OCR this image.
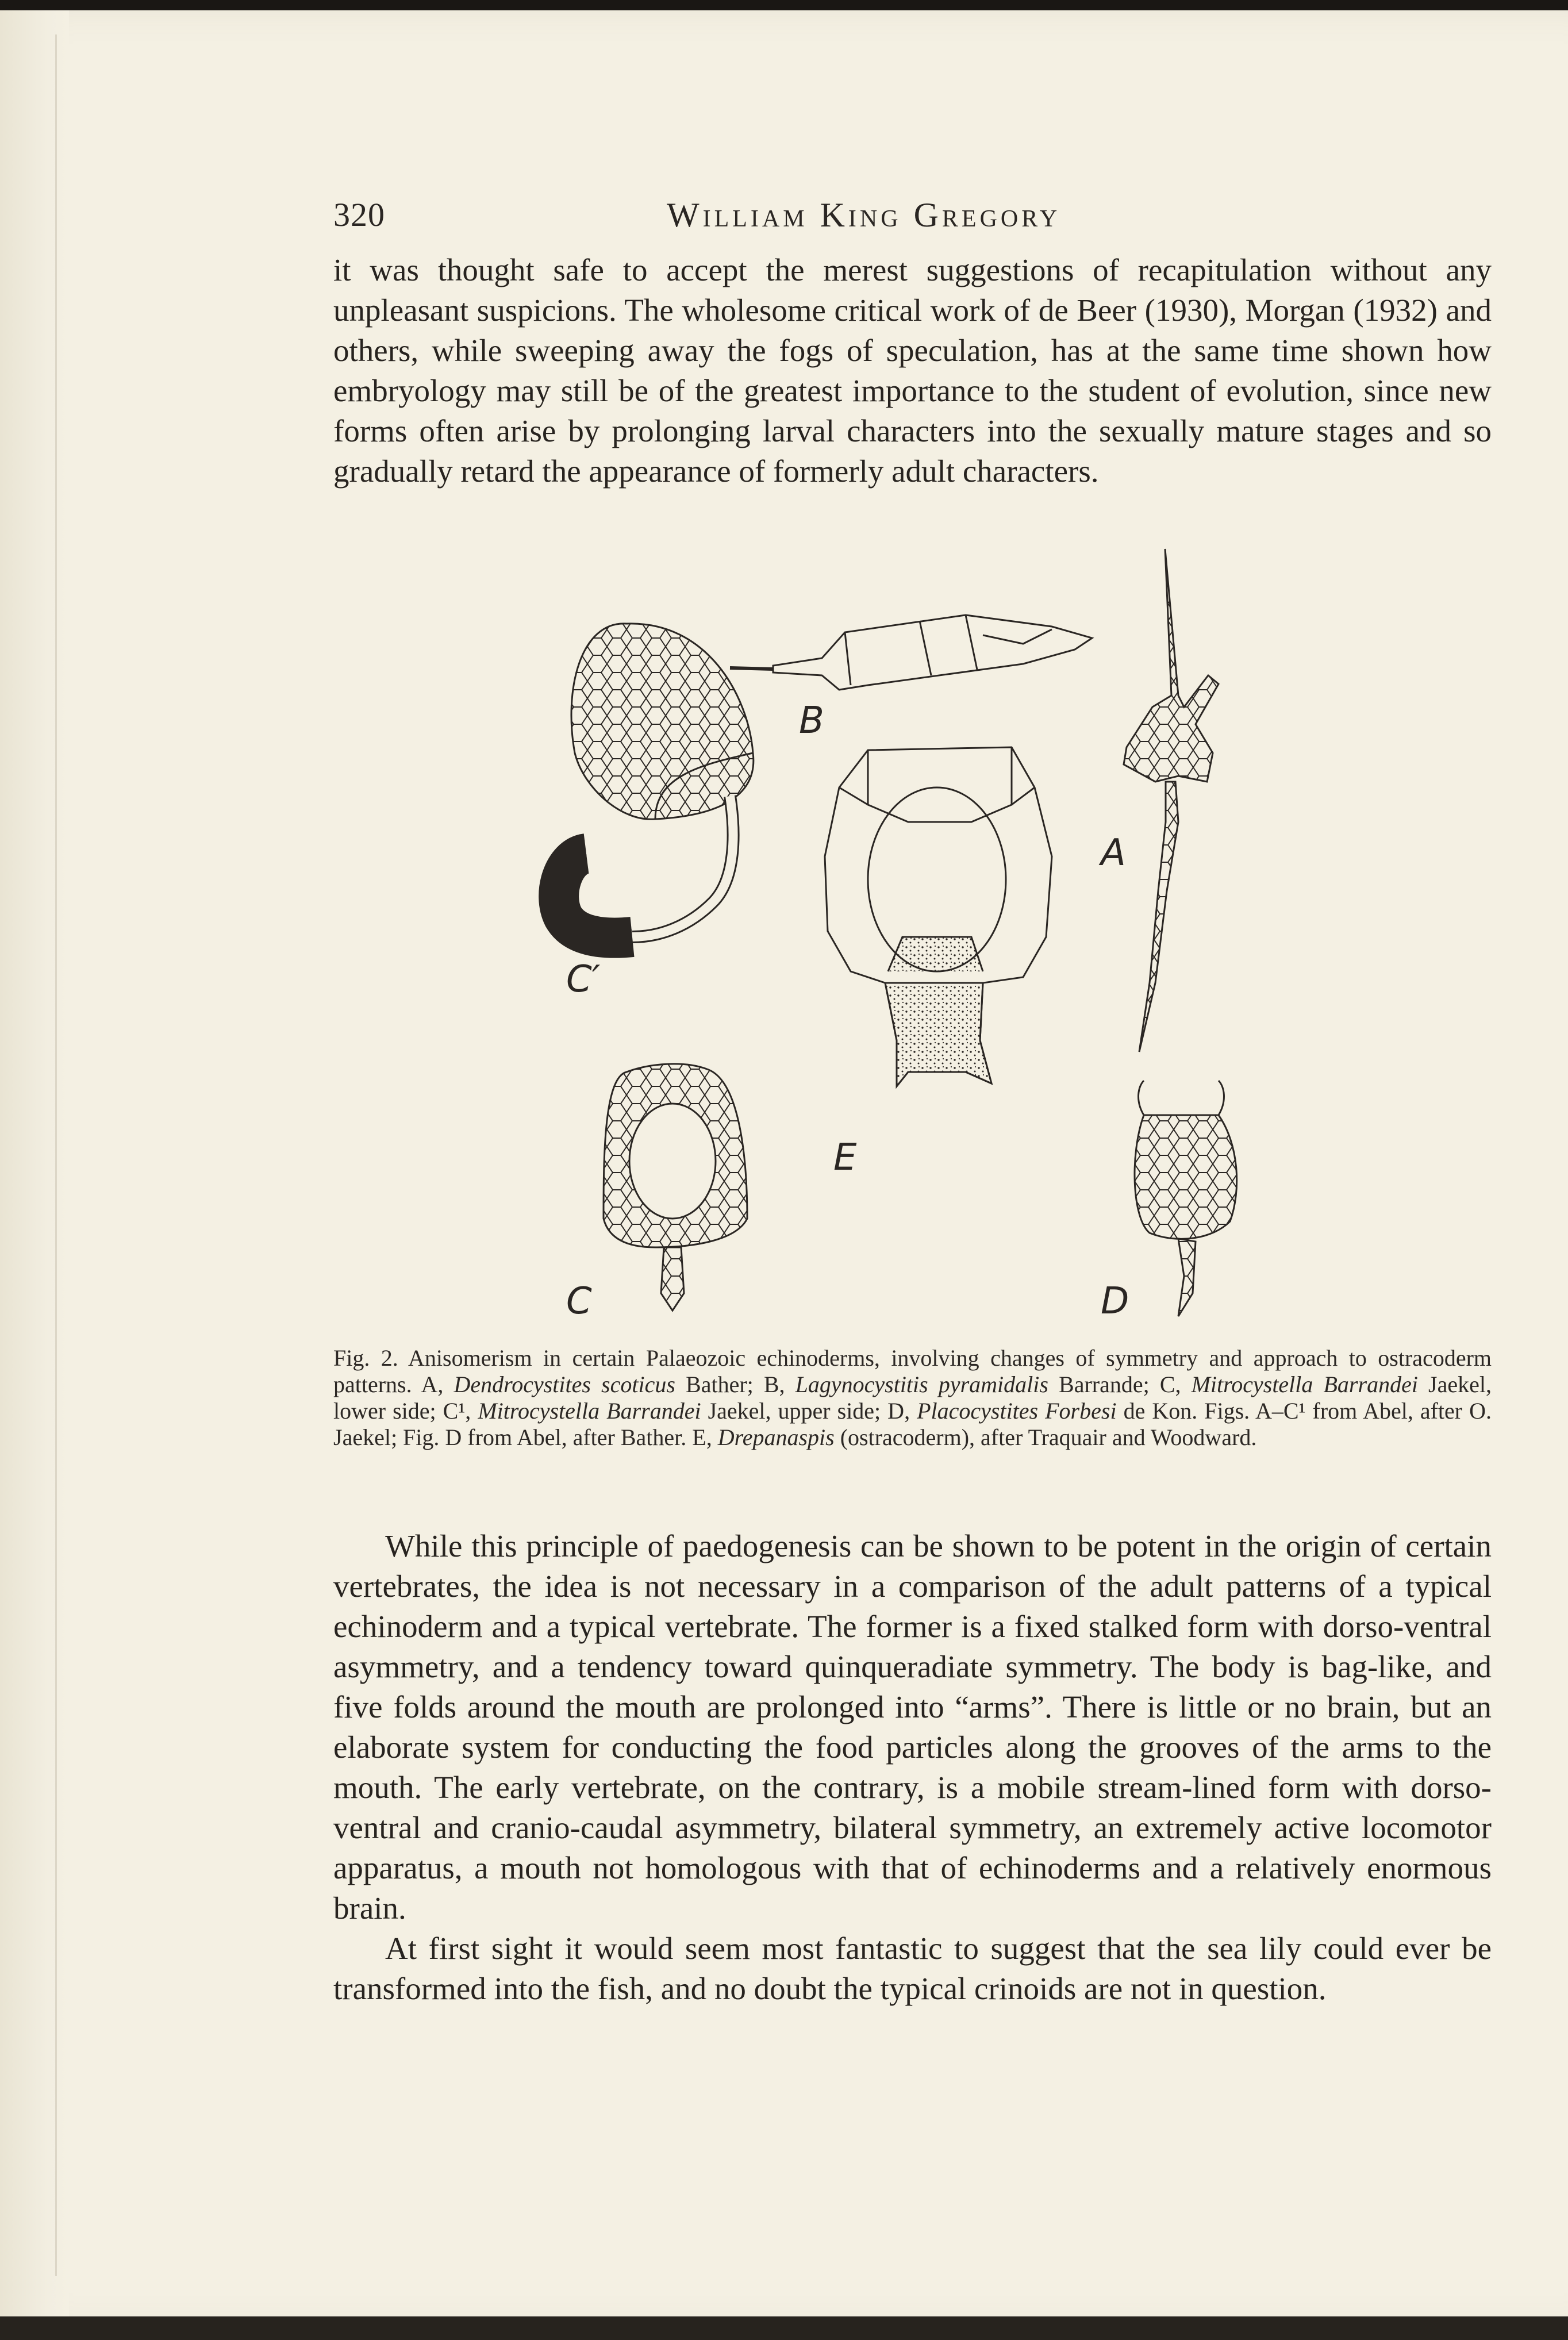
320	William King Gregory

it was thought safe to accept the merest suggestions of recapitulation without any unpleasant suspicions. The wholesome critical work of de Beer (1930), Morgan (1932) and others, while sweeping away the fogs of speculation, has at the same time shown how embryology may still be of the greatest importance to the student of evolution, since new forms often arise by prolonging larval characters into the sexually mature stages and so gradually retard the appearance of formerly adult characters.

B
A
C′
E
C	D

Fig. 2. Anisomerism in certain Palaeozoic echinoderms, involving changes of symmetry and approach to ostracoderm patterns. A, Dendrocystites scoticus Bather; B, Lagynocystitis pyramidalis Barrande; C, Mitrocystella Barrandei Jaekel, lower side; C¹, Mitrocystella Barrandei Jaekel, upper side; D, Placocystites Forbesi de Kon. Figs. A–C¹ from Abel, after O. Jaekel; Fig. D from Abel, after Bather. E, Drepanaspis (ostracoderm), after Traquair and Woodward.

While this principle of paedogenesis can be shown to be potent in the origin of certain vertebrates, the idea is not necessary in a comparison of the adult patterns of a typical echinoderm and a typical vertebrate. The former is a fixed stalked form with dorso-ventral asymmetry, and a tendency toward quinqueradiate symmetry. The body is bag-like, and five folds around the mouth are prolonged into “arms”. There is little or no brain, but an elaborate system for conducting the food particles along the grooves of the arms to the mouth. The early vertebrate, on the contrary, is a mobile stream-lined form with dorso-ventral and cranio-caudal asymmetry, bilateral symmetry, an extremely active locomotor apparatus, a mouth not homologous with that of echinoderms and a relatively enormous brain.

At first sight it would seem most fantastic to suggest that the sea lily could ever be transformed into the fish, and no doubt the typical crinoids are not in question.
